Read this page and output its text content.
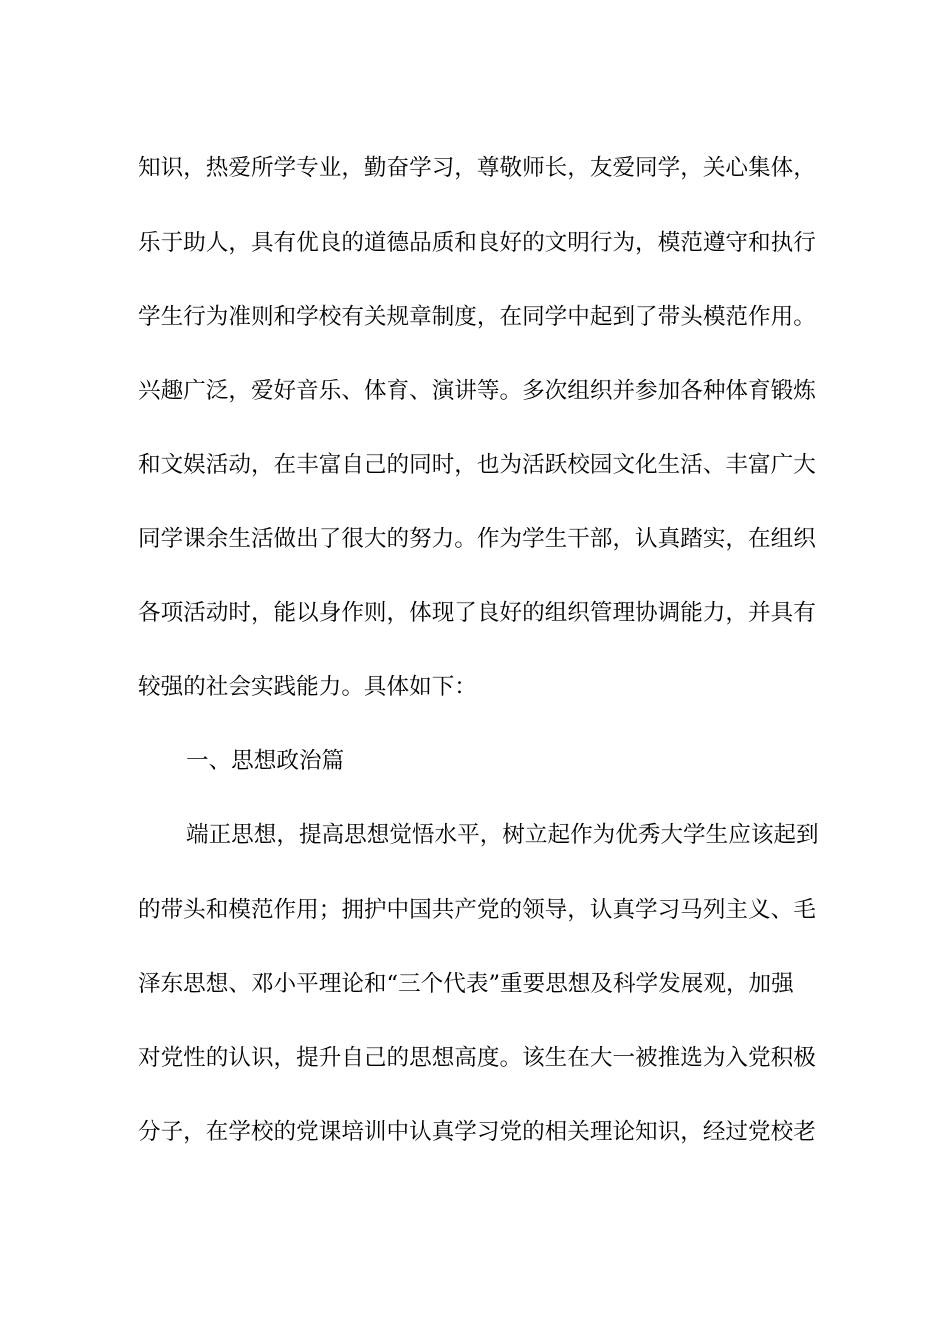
知识，热爱所学专业，勤奋学习，尊敬师长，友爱同学，关心集体，
乐于助人，具有优良的道德品质和良好的文明行为，模范遵守和执行
学生行为准则和学校有关规章制度，在同学中起到了带头模范作用。
兴趣广泛，爱好音乐、体育、演讲等。多次组织并参加各种体育锻炼
和文娱活动，在丰富自己的同时，也为活跃校园文化生活、丰富广大
同学课余生活做出了很大的努力。作为学生干部，认真踏实，在组织
各项活动时，能以身作则，体现了良好的组织管理协调能力，并具有
较强的社会实践能力。具体如下：
一、思想政治篇
端正思想，提高思想觉悟水平，树立起作为优秀大学生应该起到
的带头和模范作用；拥护中国共产党的领导，认真学习马列主义、毛
泽东思想、邓小平理论和“三个代表”重要思想及科学发展观，加强
对党性的认识，提升自己的思想高度。该生在大一被推选为入党积极
分子，在学校的党课培训中认真学习党的相关理论知识，经过党校老
